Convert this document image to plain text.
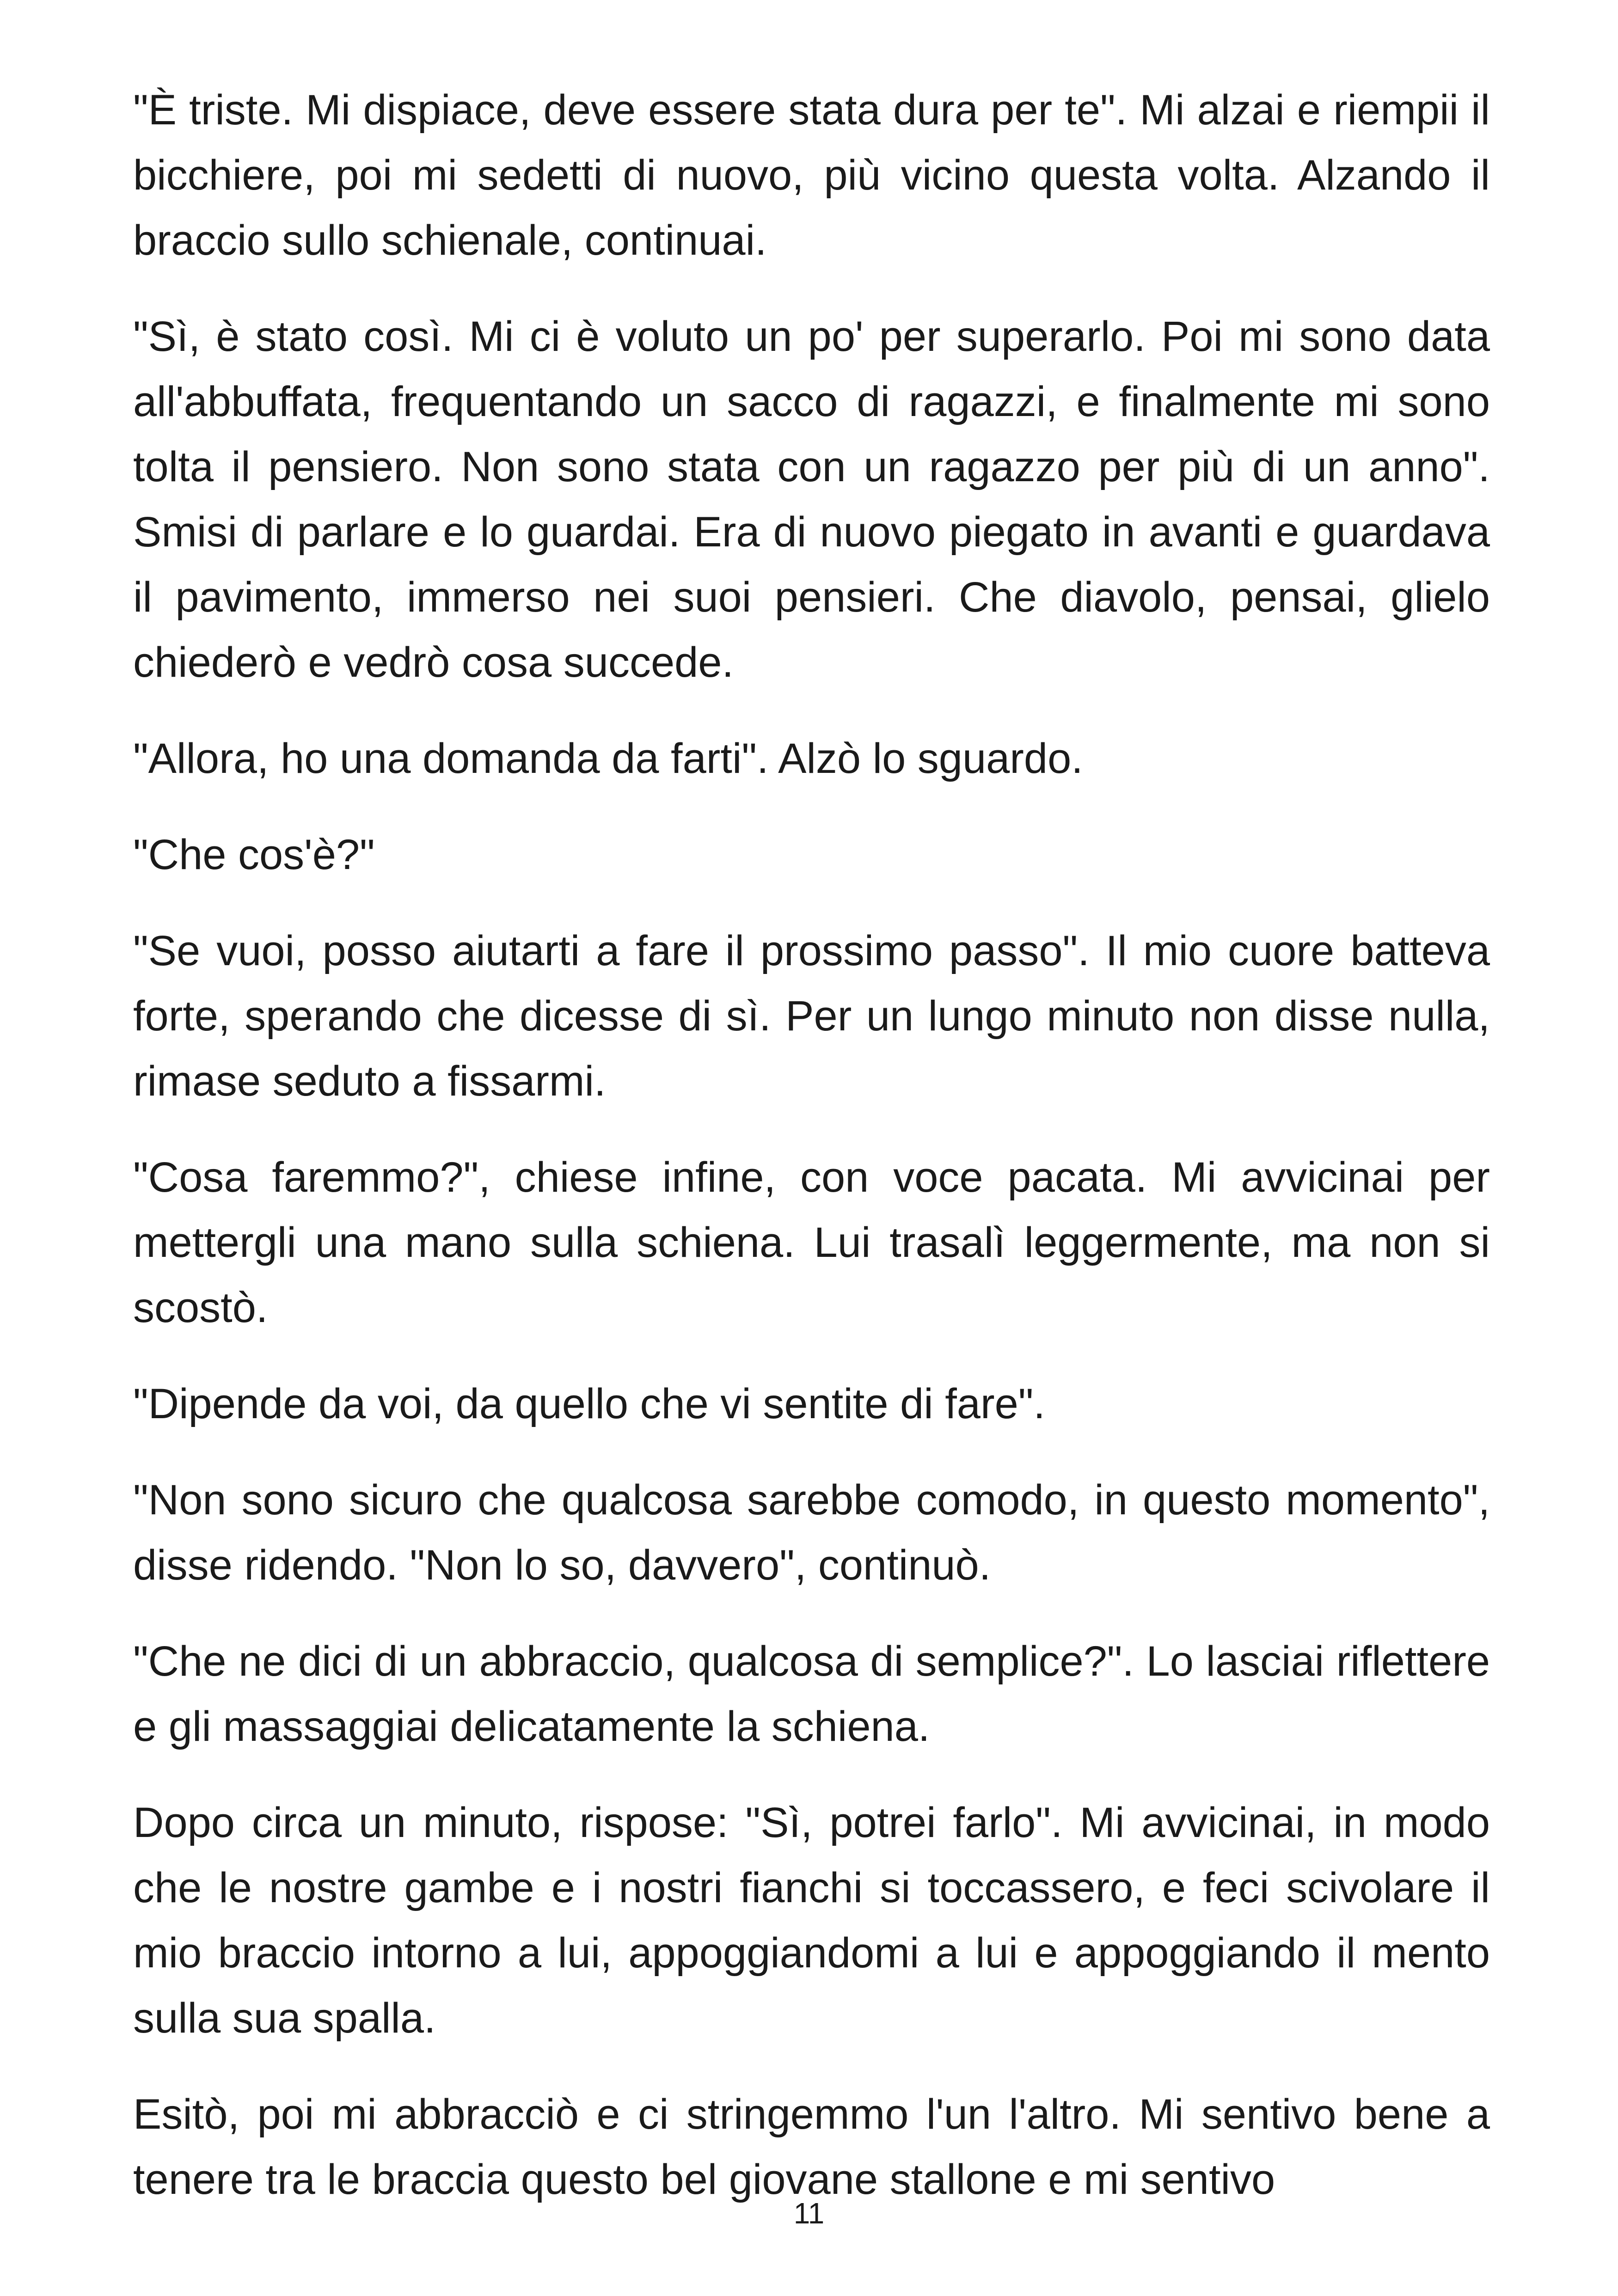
"È triste. Mi dispiace, deve essere stata dura per te". Mi alzai e riempii il bicchiere, poi mi sedetti di nuovo, più vicino questa volta. Alzando il braccio sullo schienale, continuai.

"Sì, è stato così. Mi ci è voluto un po' per superarlo. Poi mi sono data all'abbuffata, frequentando un sacco di ragazzi, e finalmente mi sono tolta il pensiero. Non sono stata con un ragazzo per più di un anno". Smisi di parlare e lo guardai. Era di nuovo piegato in avanti e guardava il pavimento, immerso nei suoi pensieri. Che diavolo, pensai, glielo chiederò e vedrò cosa succede.

"Allora, ho una domanda da farti". Alzò lo sguardo.

"Che cos'è?"

"Se vuoi, posso aiutarti a fare il prossimo passo". Il mio cuore batteva forte, sperando che dicesse di sì. Per un lungo minuto non disse nulla, rimase seduto a fissarmi.

"Cosa faremmo?", chiese infine, con voce pacata. Mi avvicinai per mettergli una mano sulla schiena. Lui trasalì leggermente, ma non si scostò.

"Dipende da voi, da quello che vi sentite di fare".

"Non sono sicuro che qualcosa sarebbe comodo, in questo momento", disse ridendo. "Non lo so, davvero", continuò.

"Che ne dici di un abbraccio, qualcosa di semplice?". Lo lasciai riflettere e gli massaggiai delicatamente la schiena.

Dopo circa un minuto, rispose: "Sì, potrei farlo". Mi avvicinai, in modo che le nostre gambe e i nostri fianchi si toccassero, e feci scivolare il mio braccio intorno a lui, appoggiandomi a lui e appoggiando il mento sulla sua spalla.

Esitò, poi mi abbracciò e ci stringemmo l'un l'altro. Mi sentivo bene a tenere tra le braccia questo bel giovane stallone e mi sentivo

11
